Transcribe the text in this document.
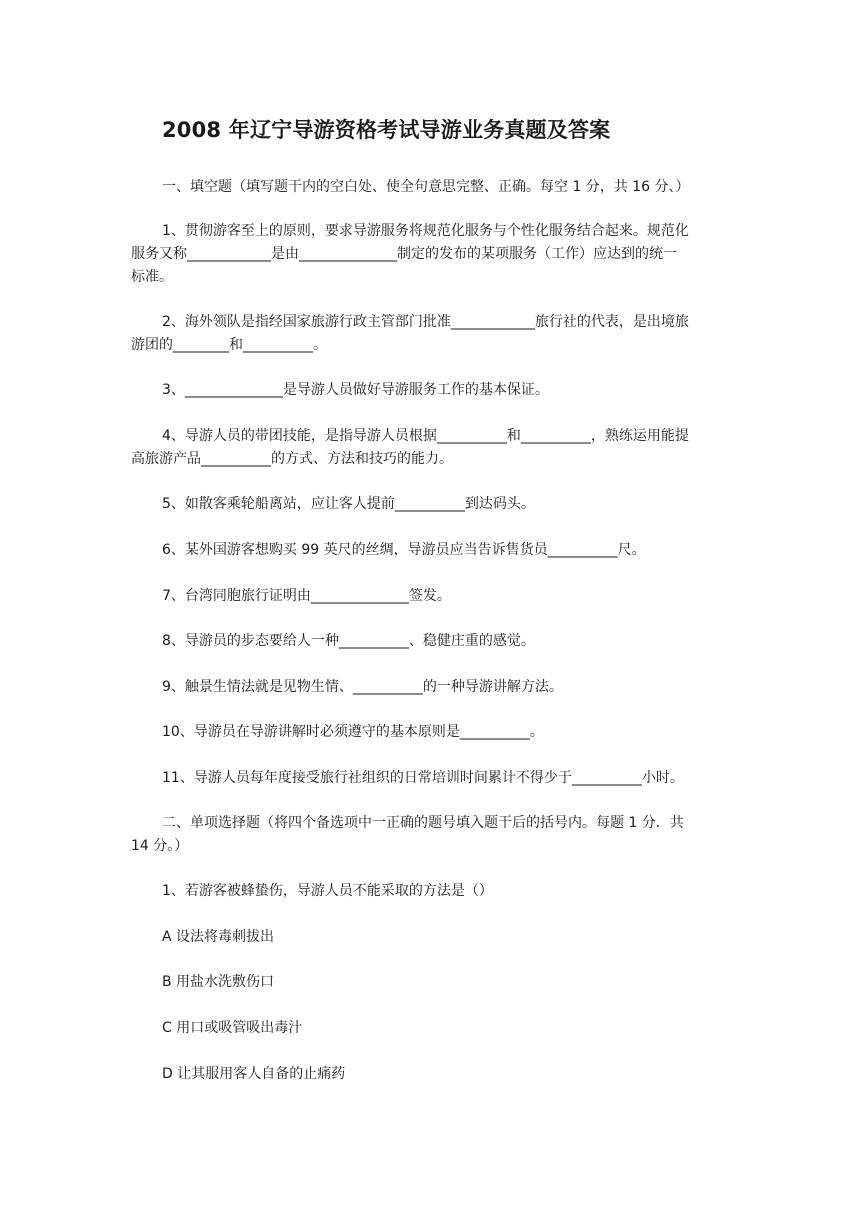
2008 年辽宁导游资格考试导游业务真题及答案
一、填空题（填写题干内的空白处、使全句意思完整、正确。每空 1 分，共 16 分、）
1、贯彻游客至上的原则，要求导游服务将规范化服务与个性化服务结合起来。规范化
服务又称____________是由______________制定的发布的某项服务（工作）应达到的统一
标准。
2、海外领队是指经国家旅游行政主管部门批准____________旅行社的代表，是出境旅
游团的________和__________。
3、______________是导游人员做好导游服务工作的基本保证。
4、导游人员的带团技能，是指导游人员根据__________和__________，熟练运用能提
高旅游产品__________的方式、方法和技巧的能力。
5、如散客乘轮船离站，应让客人提前__________到达码头。
6、某外国游客想购买 99 英尺的丝绸，导游员应当告诉售货员__________尺。
7、台湾同胞旅行证明由______________签发。
8、导游员的步态要给人一种__________、稳健庄重的感觉。
9、触景生情法就是见物生情、__________的一种导游讲解方法。
10、导游员在导游讲解时必须遵守的基本原则是__________。
11、导游人员每年度接受旅行社组织的日常培训时间累计不得少于__________小时。
二、单项选择题（将四个备选项中一正确的题号填入题干后的括号内。每题 1 分．共
14 分。）
1、若游客被蜂蛰伤，导游人员不能采取的方法是（）
A 设法将毒刺拔出
B 用盐水洗敷伤口
C 用口或吸管吸出毒汁
D 让其服用客人自备的止痛药
